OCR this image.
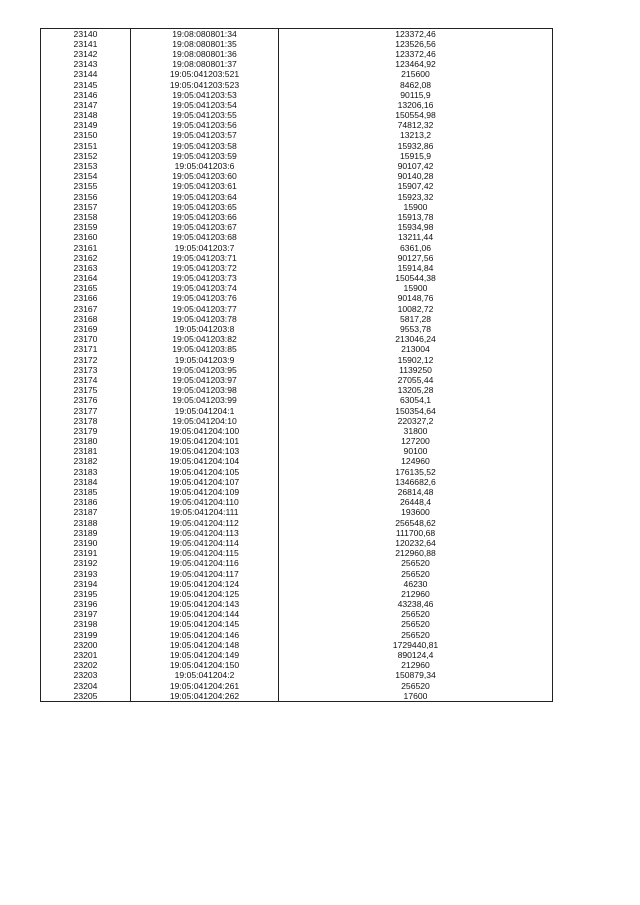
23140	19:08:080801:34	123372,46
23141	19:08:080801:35	123526,56
23142	19:08:080801:36	123372,46
23143	19:08:080801:37	123464,92
23144	19:05:041203:521	215600
23145	19:05:041203:523	8462,08
23146	19:05:041203:53	90115,9
23147	19:05:041203:54	13206,16
23148	19:05:041203:55	150554,98
23149	19:05:041203:56	74812,32
23150	19:05:041203:57	13213,2
23151	19:05:041203:58	15932,86
23152	19:05:041203:59	15915,9
23153	19:05:041203:6	90107,42
23154	19:05:041203:60	90140,28
23155	19:05:041203:61	15907,42
23156	19:05:041203:64	15923,32
23157	19:05:041203:65	15900
23158	19:05:041203:66	15913,78
23159	19:05:041203:67	15934,98
23160	19:05:041203:68	13211,44
23161	19:05:041203:7	6361,06
23162	19:05:041203:71	90127,56
23163	19:05:041203:72	15914,84
23164	19:05:041203:73	150544,38
23165	19:05:041203:74	15900
23166	19:05:041203:76	90148,76
23167	19:05:041203:77	10082,72
23168	19:05:041203:78	5817,28
23169	19:05:041203:8	9553,78
23170	19:05:041203:82	213046,24
23171	19:05:041203:85	213004
23172	19:05:041203:9	15902,12
23173	19:05:041203:95	1139250
23174	19:05:041203:97	27055,44
23175	19:05:041203:98	13205,28
23176	19:05:041203:99	63054,1
23177	19:05:041204:1	150354,64
23178	19:05:041204:10	220327,2
23179	19:05:041204:100	31800
23180	19:05:041204:101	127200
23181	19:05:041204:103	90100
23182	19:05:041204:104	124960
23183	19:05:041204:105	176135,52
23184	19:05:041204:107	1346682,6
23185	19:05:041204:109	26814,48
23186	19:05:041204:110	26448,4
23187	19:05:041204:111	193600
23188	19:05:041204:112	256548,62
23189	19:05:041204:113	111700,68
23190	19:05:041204:114	120232,64
23191	19:05:041204:115	212960,88
23192	19:05:041204:116	256520
23193	19:05:041204:117	256520
23194	19:05:041204:124	46230
23195	19:05:041204:125	212960
23196	19:05:041204:143	43238,46
23197	19:05:041204:144	256520
23198	19:05:041204:145	256520
23199	19:05:041204:146	256520
23200	19:05:041204:148	1729440,81
23201	19:05:041204:149	890124,4
23202	19:05:041204:150	212960
23203	19:05:041204:2	150879,34
23204	19:05:041204:261	256520
23205	19:05:041204:262	17600
